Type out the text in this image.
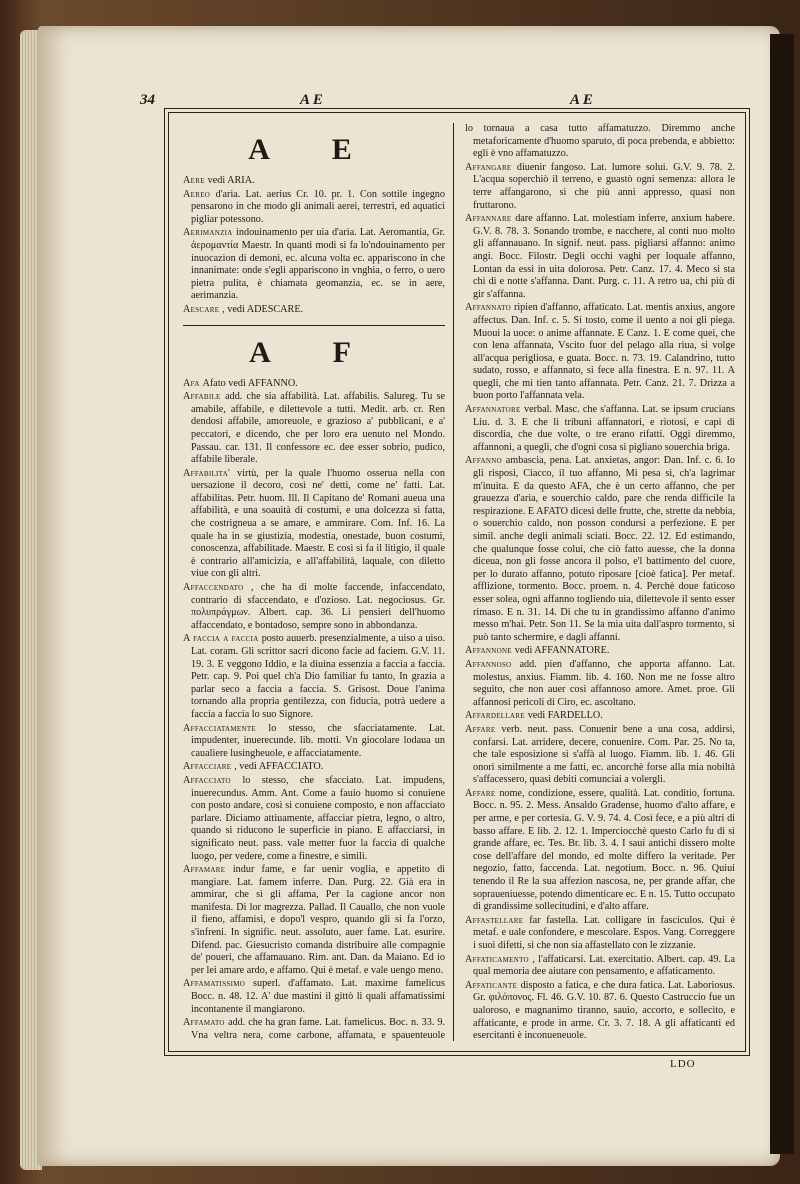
34	A E	A E
A E
Aere vedi ARIA.
Aereo d'aria. Lat. aerius Cr. 10. pr. 1. Con sottile ingegno pensarono in che modo gli animali aerei, terrestri, ed aquatici pigliar potessono.
Aerimanzia indouinamento per uia d'aria. Lat. Aeromantia, Gr. ἀερομαντία Maestr. In quanti modi si fa lo'ndouinamento per inuocazion di demoni, ec. alcuna volta ec. appariscono in che innanimate: onde s'egli appariscono in vnghia, o ferro, o uero pietra pulita, è chiamata geomanzia, ec. se in aere, aerimanzia.
Aescare , vedi ADESCARE.
A F
Afa Afato vedi AFFANNO.
Affabile add. che sia affabilità. Lat. affabilis. Salureg. Tu se amabile, affabile, e dilettevole a tutti. Medit. arb. cr. Ren dendosi affabile, amoreuole, e grazioso a' pubblicani, e a' peccatori, e dicendo, che per loro era uenuto nel Mondo. Passau. car. 131. Il confessore ec. dee esser sobrio, pudico, affabile liberale.
Affabilita' virtù, per la quale l'huomo osserua nella con uersazione il decoro, così ne' detti, come ne' fatti. Lat. affabilitas. Petr. huom. Ill. Il Capitano de' Romani aueua una affabilità, e una soauità di costumi, e una dolcezza sì fatta, che costrigneua a se amare, e ammirare. Com. Inf. 16. La quale ha in se giustizia, modestia, onestade, buon costumi, conoscenza, affabilitade. Maestr. E così si fa il litigio, il quale è contrario all'amicizia, e all'affabilità, laquale, con diletto viue con gli altri.
Affaccendato , che ha di molte faccende, infaccendato, contrario di sfaccendato, e d'ozioso. Lat. negociosus. Gr. πολυπράγμων. Albert. cap. 36. Li pensieri dell'huomo affaccendato, e bontadoso, sempre sono in abbondanza.
A faccia a faccia posto auuerb. presenzialmente, a uiso a uiso. Lat. coram. Gli scrittor sacri dicono facie ad faciem. G.V. 11. 19. 3. E veggono Iddio, e la diuina essenzia a faccia a faccia. Petr. cap. 9. Poi quel ch'a Dio familiar fu tanto, In grazia a parlar seco a faccia a faccia. S. Grisost. Doue l'anima tornando alla propria gentilezza, con fiducia, potrà uedere a faccia a faccia lo suo Signore.
Affacciatamente lo stesso, che sfacciatamente. Lat. impudenter, inuerecunde. lib. motti. Vn giocolare lodaua un caualiere lusingheuole, e affacciatamente.
Affacciare , vedi AFFACCIATO.
Affacciato lo stesso, che sfacciato. Lat. impudens, inuerecundus. Amm. Ant. Come a fauio huomo si conuiene con posto andare, così si conuiene composto, e non affacciato parlare. Diciamo attiuamente, affacciar pietra, legno, o altro, quando si riducono le superficie in piano. E affacciarsi, in significato neut. pass. vale metter fuor la faccia di qualche luogo, per vedere, come a finestre, e simili.
Affamare indur fame, e far uenir voglia, e appetito di mangiare. Lat. famem inferre. Dan. Purg. 22. Già era in ammirar, che sì gli affama, Per la cagione ancor non manifesta. Di lor magrezza. Pallad. Il Cauallo, che non vuole il fieno, affamisi, e dopo'l vespro, quando gli si fa l'orzo, s'infreni. In signific. neut. assoluto, auer fame. Lat. esurire. Difend. pac. Giesucristo comanda distribuire alle compagnie de' poueri, che affamauano. Rim. ant. Dan. da Maiano. Ed io per lei amare ardo, e affamo. Qui è metaf. e vale uengo meno.
Affamatissimo superl. d'affamato. Lat. maxime famelicus Bocc. n. 48. 12. A' due mastini il gittò li quali affamatissimi incontanente il mangiarono.
Affamato add. che ha gran fame. Lat. famelicus. Boc. n. 33. 9. Vna veltra nera, come carbone, affamata, e spauenteuole
lo tornaua a casa tutto affamatuzzo. Diremmo anche metaforicamente d'huomo sparuto, di poca prebenda, e abbietto: egli è vno affamatuzzo.
Affangare diuenir fangoso. Lat. lumore solui. G.V. 9. 78. 2. L'acqua soperchiò il terreno, e guastò ogni semenza: allora le terre affangarono, sì che più anni appresso, quasi non fruttarono.
Affannare dare affanno. Lat. molestiam inferre, anxium habere. G.V. 8. 78. 3. Sonando trombe, e nacchere, al conti nuo molto gli affannauano. In signif. neut. pass. pigliarsi affanno: animo angi. Bocc. Filostr. Degli occhi vaghi per loquale affanno, Lontan da essi in uita dolorosa. Petr. Canz. 17. 4. Meco si sta chi di e notte s'affanna. Dant. Purg. c. 11. A retro ua, chi più di gir s'affanna.
Affannato ripien d'affanno, affaticato. Lat. mentis anxius, angore affectus. Dan. Inf. c. 5. Sì tosto, come il uento a noi gli piega. Muoui la uoce: o anime affannate. E Canz. 1. E come quei, che con lena affannata, Vscito fuor del pelago alla riua, si volge all'acqua perigliosa, e guata. Bocc. n. 73. 19. Calandrino, tutto sudato, rosso, e affannato, si fece alla finestra. E n. 97. 11. A quegli, che mi tien tanto affannata. Petr. Canz. 21. 7. Drizza a buon porto l'affannata vela.
Affannatore verbal. Masc. che s'affanna. Lat. se ipsum crucians Liu. d. 3. E che li tribuni affannatori, e riotosi, e capi di discordia, che due volte, o tre erano rifatti. Oggi diremmo, affannoni, a quegli, che d'ogni cosa si pigliano souerchia briga.
Affanno ambascia, pena. Lat. anxietas, angor: Dan. Inf. c. 6. Io gli risposi, Ciacco, il tuo affanno, Mi pesa sì, ch'a lagrimar m'inuita. E da questo AFA, che è un certo affanno, che per grauezza d'aria, e souerchio caldo, pare che renda difficile la respirazione. E AFATO dicesi delle frutte, che, strette da nebbia, o souerchio caldo, non posson condursi a perfezione. E per simil. anche degli animali sciati. Bocc. 22. 12. Ed estimando, che qualunque fosse colui, che ciò fatto auesse, che la donna diceua, non gli fosse ancora il polso, e'l battimento del cuore, per lo durato affanno, potuto riposare [cioè fatica]. Per metaf. afflizione, tormento. Bocc. proem. n. 4. Perchè doue faticoso esser solea, ogni affanno togliendo uia, dilettevole il sento esser rimaso. E n. 31. 14. Di che tu in grandissimo affanno d'animo messo m'hai. Petr. Son 11. Se la mia uita dall'aspro tormento, si può tanto schermire, e dagli affanni.
Affannone vedi AFFANNATORE.
Affannoso add. pien d'affanno, che apporta affanno. Lat. molestus, anxius. Fiamm. lib. 4. 160. Non me ne fosse altro seguito, che non auer così affannoso amore. Amet. proe. Gli affannosi pericoli di Ciro, ec. ascoltano.
Affardellare vedi FARDELLO.
Affare verb. neut. pass. Conuenir bene a una cosa, addirsi, confarsi. Lat. arridere, decere, conuenire. Com. Par. 25. No ta, che tale esposizione si s'affà al luogo. Fiamm. lib. 1. 46. Gli onori similmente a me fatti, ec. ancorchè forse alla mia nobiltà s'affacessero, quasi debiti comunciai a volergli.
Affare nome, condizione, essere, qualità. Lat. conditio, fortuna. Bocc. n. 95. 2. Mess. Ansaldo Gradense, huomo d'alto affare, e per arme, e per cortesia. G. V. 9. 74. 4. Così fece, e a più altri di basso affare. E lib. 2. 12. 1. Imperciocchè questo Carlo fu di sì grande affare, ec. Tes. Br. lib. 3. 4. I sauì antichi dissero molte cose dell'affare del mondo, ed molte differo la veritade. Per negozio, fatto, faccenda. Lat. negotium. Bocc. n. 96. Quiui tenendo il Re la sua affezion nascosa, ne, per grande affar, che sopraueniuesse, potendo dimenticare ec. E n. 15. Tutto occupato di grandissime sollecitudini, e d'alto affare.
Affastellare far fastella. Lat. colligare in fasciculos. Qui è metaf. e uale confondere, e mescolare. Espos. Vang. Correggere i suoi difetti, sì che non sia affastellato con le zizzanie.
Affaticamento , l'affaticarsi. Lat. exercitatio. Albert. cap. 49. La qual memoria dee aiutare con pensamento, e affaticamento.
Affaticante disposto a fatica, e che dura fatica. Lat. Laboriosus. Gr. φιλόπονος. Fl. 46. G.V. 10. 87. 6. Questo Castruccio fue un ualoroso, e magnanimo tiranno, sauio, accorto, e sollecito, e affaticante, e prode in arme. Cr. 3. 7. 18. A gli affaticanti ed esercitanti è inconueneuole.
LDO
